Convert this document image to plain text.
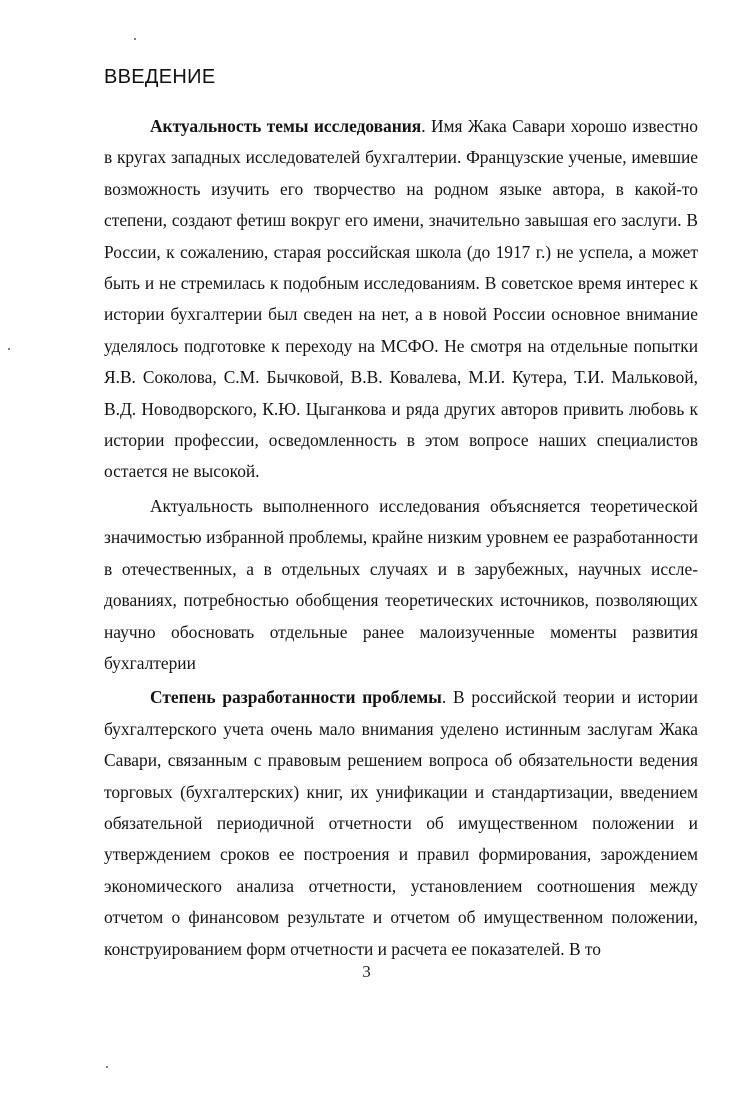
ВВЕДЕНИЕ

Актуальность темы исследования. Имя Жака Савари хорошо известно в кругах западных исследователей бухгалтерии. Французские ученые, имевшие возможность изучить его творчество на родном языке автора, в какой-то степени, создают фетиш вокруг его имени, значительно завышая его заслуги. В России, к сожалению, старая российская школа (до 1917 г.) не успела, а может быть и не стремилась к подобным исследованиям. В советское время интерес к истории бухгалтерии был сведен на нет, а в новой России основное внимание уделялось подготовке к переходу на МСФО. Не смотря на отдельные попытки Я.В. Соколова, С.М. Бычковой, В.В. Ковалева, М.И. Кутера, Т.И. Мальковой, В.Д. Новодворского, К.Ю. Цыганкова и ряда других авторов привить любовь к истории профессии, осведомленность в этом вопросе наших специалистов остается не высокой.

Актуальность выполненного исследования объясняется теоретической значимостью избранной проблемы, крайне низким уровнем ее разработанности в отечественных, а в отдельных случаях и в зарубежных, научных исследованиях, потребностью обобщения теоретических источников, позволяющих научно обосновать отдельные ранее малоизученные моменты развития бухгалтерии

Степень разработанности проблемы. В российской теории и истории бухгалтерского учета очень мало внимания уделено истинным заслугам Жака Савари, связанным с правовым решением вопроса об обязательности ведения торговых (бухгалтерских) книг, их унификации и стандартизации, введением обязательной периодичной отчетности об имущественном положении и утверждением сроков ее построения и правил формирования, зарождением экономического анализа отчетности, установлением соотношения между отчетом о финансовом результате и отчетом об имущественном положении, конструированием форм отчетности и расчета ее показателей. В то

3
